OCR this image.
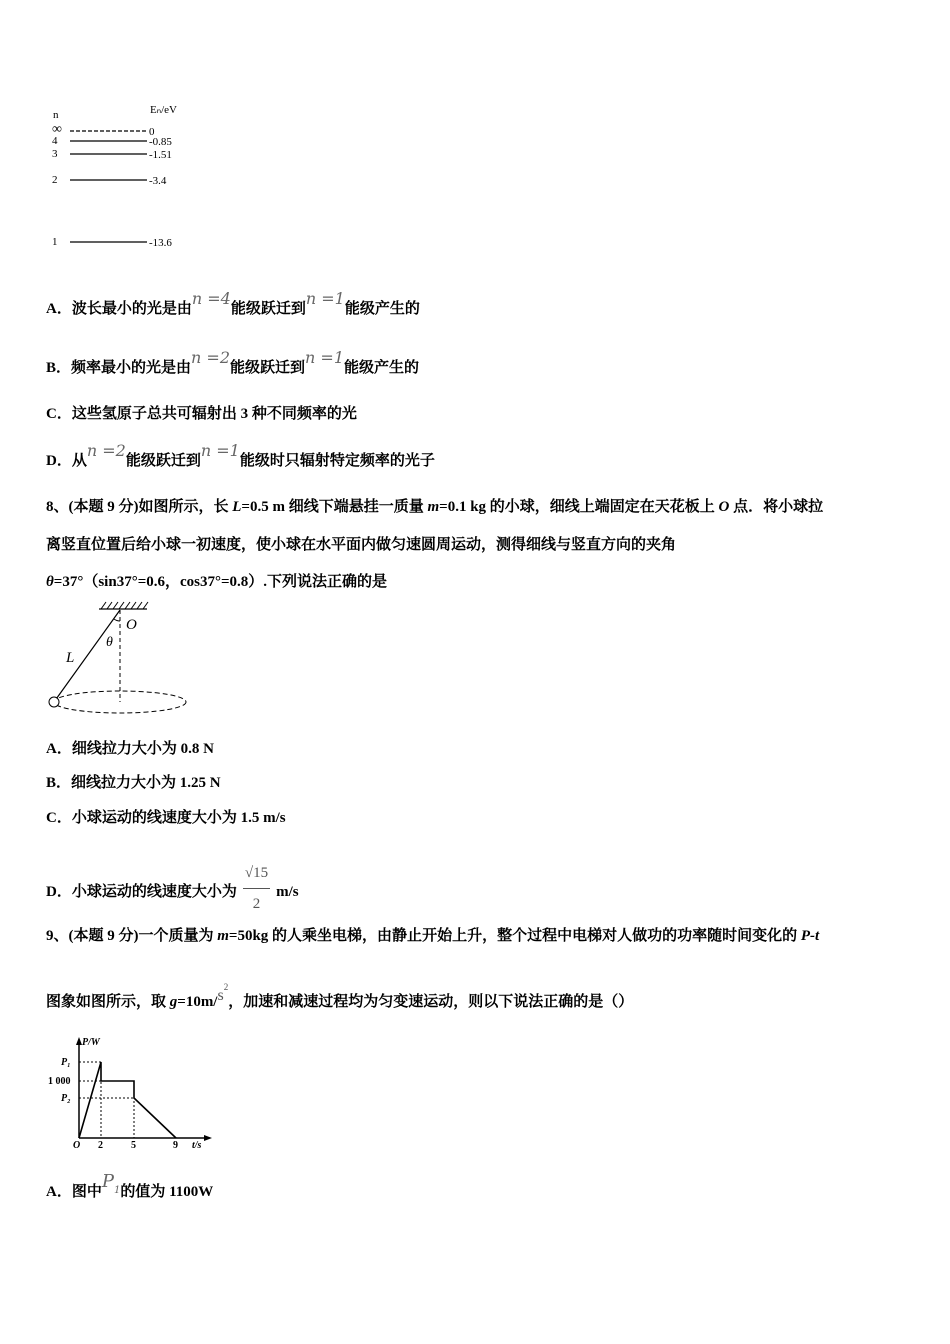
n	Eₙ/eV
∞	0
4	-0.85
3	-1.51
2	-3.4
1	-13.6
A．波长最小的光是由n =4能级跃迁到n =1能级产生的
B．频率最小的光是由n =2能级跃迁到n =1能级产生的
C．这些氢原子总共可辐射出 3 种不同频率的光
D．从n =2能级跃迁到n =1能级时只辐射特定频率的光子
8、(本题 9 分)如图所示，长 L=0.5 m 细线下端悬挂一质量 m=0.1 kg 的小球，细线上端固定在天花板上 O 点．将小球拉
离竖直位置后给小球一初速度，使小球在水平面内做匀速圆周运动，测得细线与竖直方向的夹角
θ=37°（sin37°=0.6，cos37°=0.8）.下列说法正确的是
O
θ
L
A．细线拉力大小为 0.8 N
B．细线拉力大小为 1.25 N
C．小球运动的线速度大小为 1.5 m/s
D．小球运动的线速度大小为 $\frac{√15}{2} m/s$
9、(本题 9 分)一个质量为 m=50kg 的人乘坐电梯，由静止开始上升，整个过程中电梯对人做功的功率随时间变化的 P-t
图象如图所示，取 $g=10m/s^2$，加速和减速过程均为匀变速运动，则以下说法正确的是（）
P/W
P₁
1 000
P₂
O 2	5	9 t/s
A．图中$P^1$的值为 1100W
